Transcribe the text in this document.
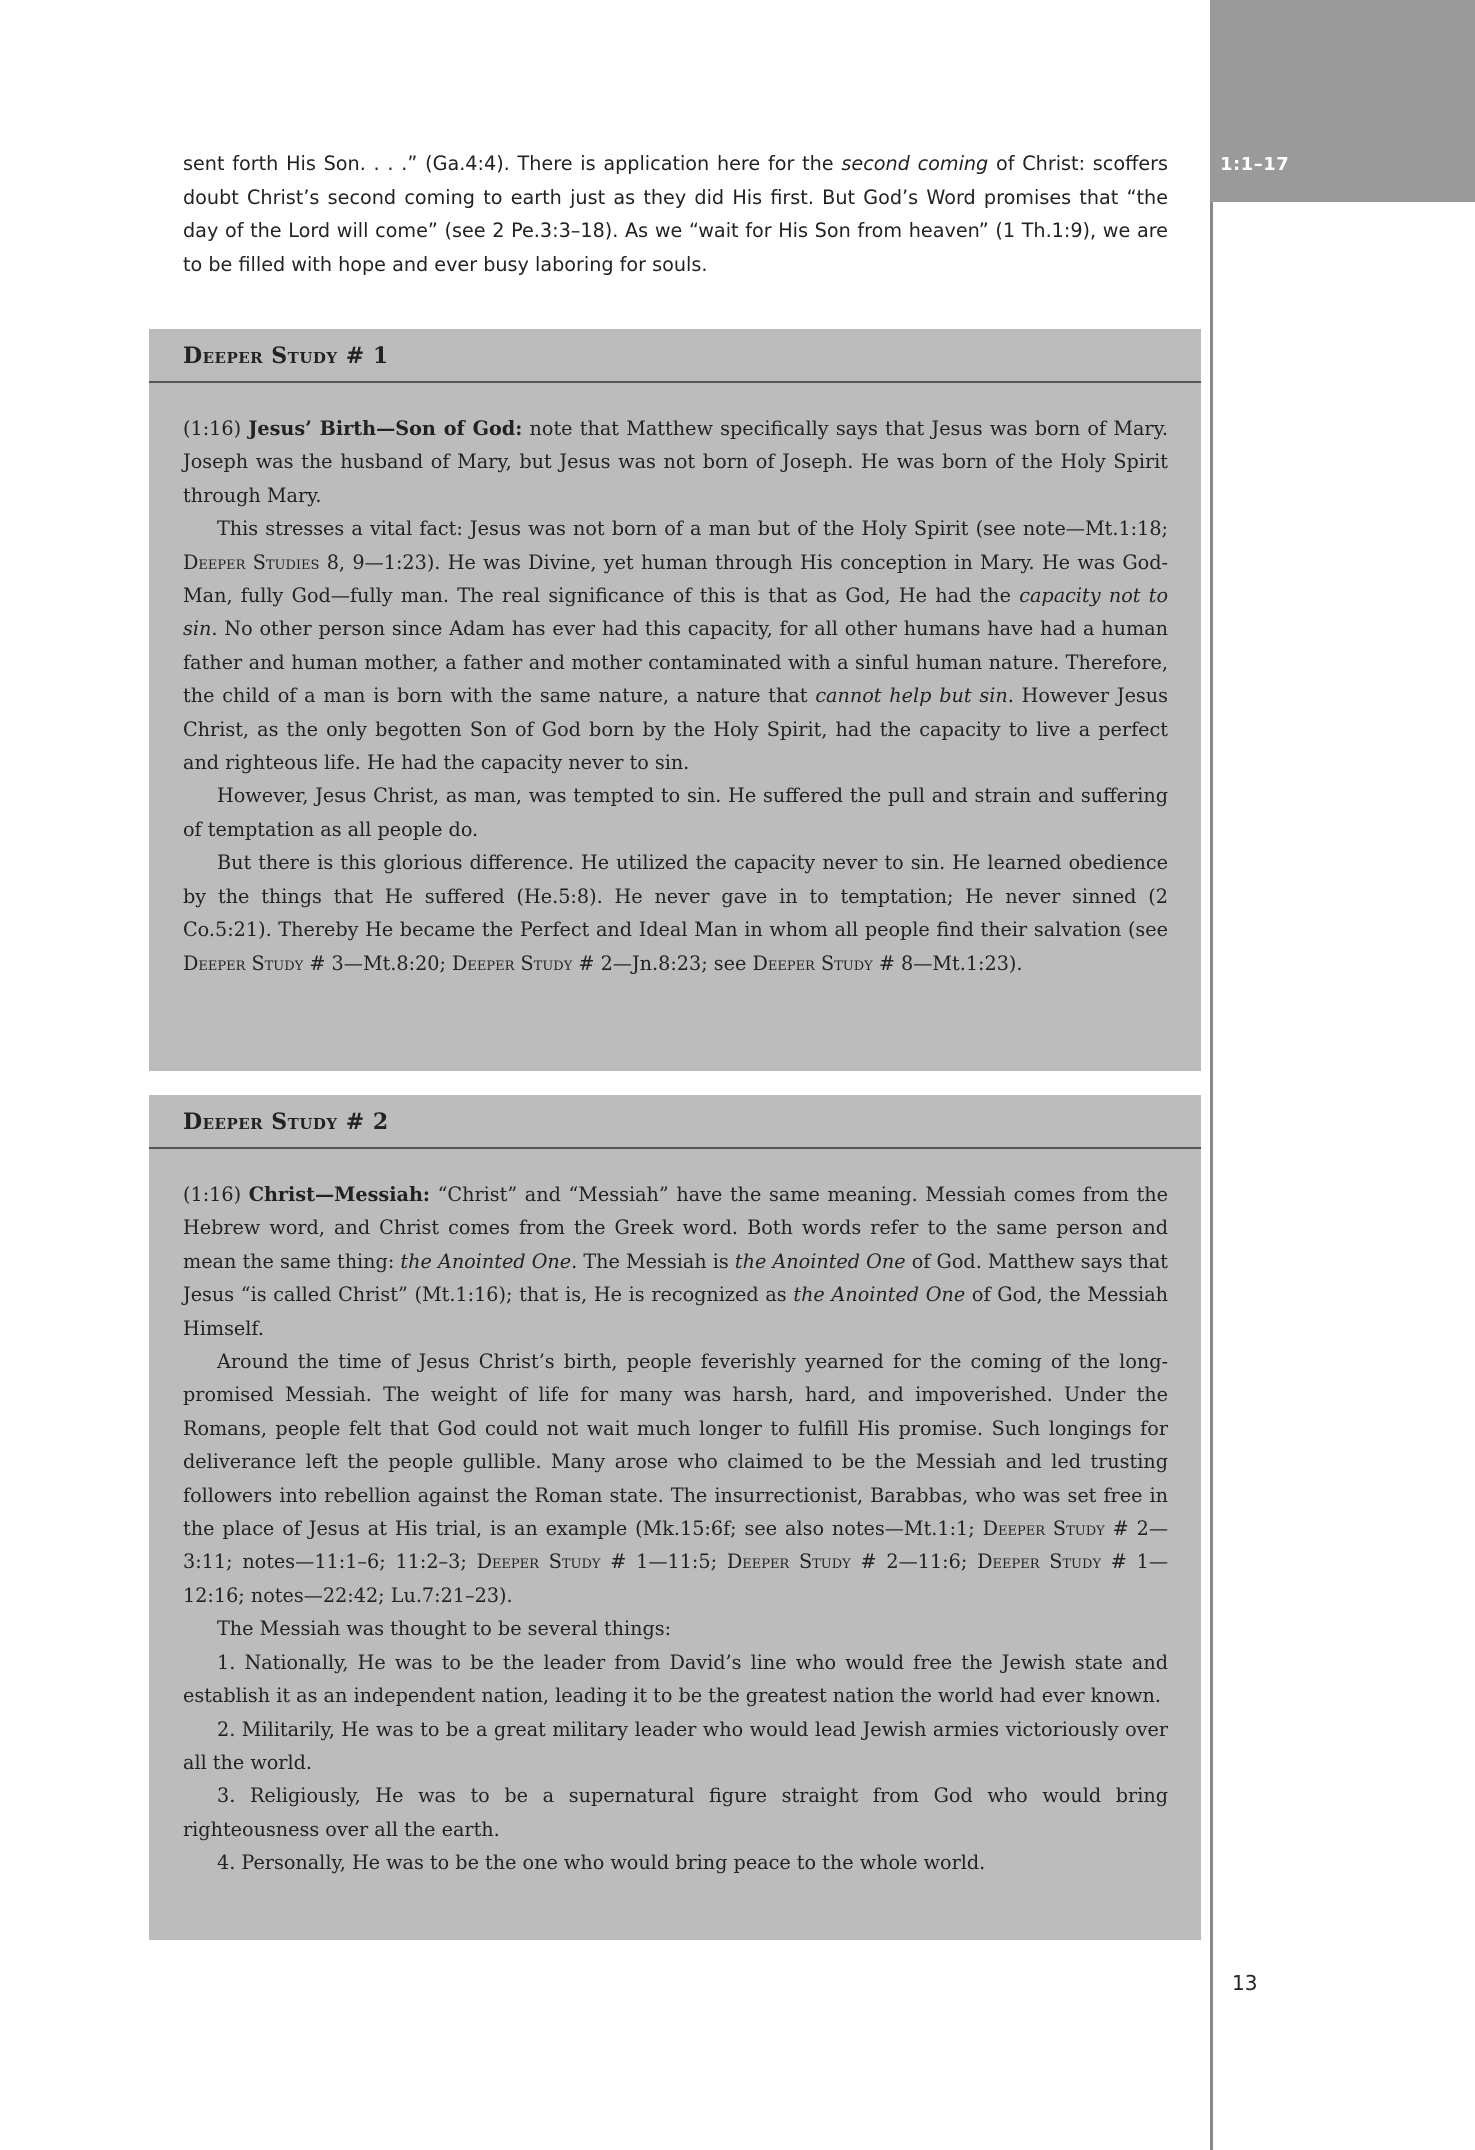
1:1–17
13
sent forth His Son. . . .” (Ga.4:4). There is application here for the second coming of Christ: scoffers doubt Christ’s second coming to earth just as they did His first. But God’s Word promises that “the day of the Lord will come” (see 2 Pe.3:3–18). As we “wait for His Son from heaven” (1 Th.1:9), we are to be filled with hope and ever busy laboring for souls.
Deeper Study # 1

(1:16) Jesus’ Birth—Son of God: note that Matthew specifically says that Jesus was born of Mary. Joseph was the husband of Mary, but Jesus was not born of Joseph. He was born of the Holy Spirit through Mary.

This stresses a vital fact: Jesus was not born of a man but of the Holy Spirit (see note—Mt.1:18; Deeper Studies 8, 9—1:23). He was Divine, yet human through His conception in Mary. He was God-Man, fully God—fully man. The real significance of this is that as God, He had the capacity not to sin. No other person since Adam has ever had this capacity, for all other humans have had a human father and human mother, a father and mother contaminated with a sinful human nature. Therefore, the child of a man is born with the same nature, a nature that cannot help but sin. However Jesus Christ, as the only begotten Son of God born by the Holy Spirit, had the capacity to live a perfect and righteous life. He had the capacity never to sin.

However, Jesus Christ, as man, was tempted to sin. He suffered the pull and strain and suffering of temptation as all people do.

But there is this glorious difference. He utilized the capacity never to sin. He learned obedience by the things that He suffered (He.5:8). He never gave in to temptation; He never sinned (2 Co.5:21). Thereby He became the Perfect and Ideal Man in whom all people find their salvation (see Deeper Study # 3—Mt.8:20; Deeper Study # 2—Jn.8:23; see Deeper Study # 8—Mt.1:23).

Deeper Study # 2

(1:16) Christ—Messiah: “Christ” and “Messiah” have the same meaning. Messiah comes from the Hebrew word, and Christ comes from the Greek word. Both words refer to the same person and mean the same thing: the Anointed One. The Messiah is the Anointed One of God. Matthew says that Jesus “is called Christ” (Mt.1:16); that is, He is recognized as the Anointed One of God, the Messiah Himself.

Around the time of Jesus Christ’s birth, people feverishly yearned for the coming of the long-promised Messiah. The weight of life for many was harsh, hard, and impoverished. Under the Romans, people felt that God could not wait much longer to fulfill His promise. Such longings for deliverance left the people gullible. Many arose who claimed to be the Messiah and led trusting followers into rebellion against the Roman state. The insurrectionist, Barabbas, who was set free in the place of Jesus at His trial, is an example (Mk.15:6f; see also notes—Mt.1:1; Deeper Study # 2—3:11; notes—11:1–6; 11:2–3; Deeper Study # 1—11:5; Deeper Study # 2—11:6; Deeper Study # 1—12:16; notes—22:42; Lu.7:21–23).

The Messiah was thought to be several things:

1. Nationally, He was to be the leader from David’s line who would free the Jewish state and establish it as an independent nation, leading it to be the greatest nation the world had ever known.

2. Militarily, He was to be a great military leader who would lead Jewish armies victoriously over all the world.

3. Religiously, He was to be a supernatural figure straight from God who would bring righteousness over all the earth.

4. Personally, He was to be the one who would bring peace to the whole world.
